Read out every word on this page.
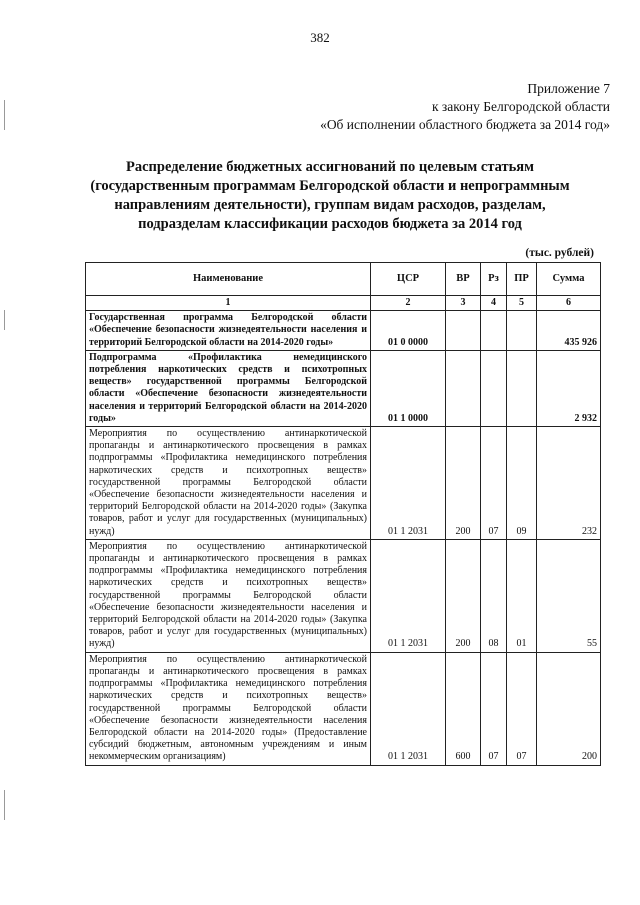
382
Приложение 7
к закону Белгородской области
«Об исполнении областного бюджета за 2014 год»
Распределение бюджетных ассигнований по целевым статьям
(государственным программам Белгородской области и непрограммным
направлениям деятельности), группам видам расходов, разделам,
подразделам классификации расходов бюджета за 2014 год
(тыс. рублей)
Наименование	ЦСР	ВР	Рз	ПР	Сумма
1	2	3	4	5	6
Государственная программа Белгородской области «Обеспечение безопасности жизнедеятельности населения и территорий Белгородской области на 2014-2020 годы»	01 0 0000				435 926
Подпрограмма «Профилактика немедицинского потребления наркотических средств и психотропных веществ» государственной программы Белгородской области «Обеспечение безопасности жизнедеятельности населения и территорий Белгородской области на 2014-2020 годы»	01 1 0000				2 932
Мероприятия по осуществлению антинаркотической пропаганды и антинаркотического просвещения в рамках подпрограммы «Профилактика немедицинского потребления наркотических средств и психотропных веществ» государственной программы Белгородской области «Обеспечение безопасности жизнедеятельности населения и территорий Белгородской области на 2014-2020 годы» (Закупка товаров, работ и услуг для государственных (муниципальных) нужд)	01 1 2031	200	07	09	232
Мероприятия по осуществлению антинаркотической пропаганды и антинаркотического просвещения в рамках подпрограммы «Профилактика немедицинского потребления наркотических средств и психотропных веществ» государственной программы Белгородской области «Обеспечение безопасности жизнедеятельности населения и территорий Белгородской области на 2014-2020 годы» (Закупка товаров, работ и услуг для государственных (муниципальных) нужд)	01 1 2031	200	08	01	55
Мероприятия по осуществлению антинаркотической пропаганды и антинаркотического просвещения в рамках подпрограммы «Профилактика немедицинского потребления наркотических средств и психотропных веществ» государственной программы Белгородской области «Обеспечение безопасности жизнедеятельности населения Белгородской области на 2014-2020 годы» (Предоставление субсидий бюджетным, автономным учреждениям и иным некоммерческим организациям)	01 1 2031	600	07	07	200
